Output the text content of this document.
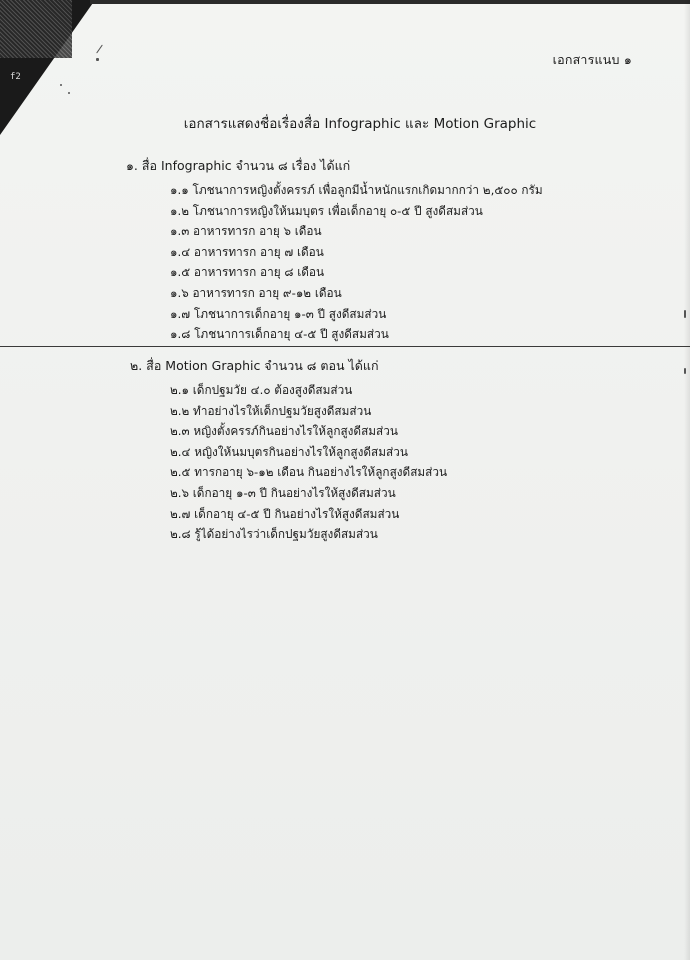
f2
เอกสารแนบ ๑
เอกสารแสดงชื่อเรื่องสื่อ Infographic และ Motion Graphic
๑. สื่อ Infographic จำนวน ๘ เรื่อง ได้แก่
๑.๑ โภชนาการหญิงตั้งครรภ์ เพื่อลูกมีน้ำหนักแรกเกิดมากกว่า ๒,๕๐๐ กรัม
๑.๒ โภชนาการหญิงให้นมบุตร เพื่อเด็กอายุ ๐-๕ ปี สูงดีสมส่วน
๑.๓ อาหารทารก อายุ ๖ เดือน
๑.๔ อาหารทารก อายุ ๗ เดือน
๑.๕ อาหารทารก อายุ ๘ เดือน
๑.๖ อาหารทารก อายุ ๙-๑๒ เดือน
๑.๗ โภชนาการเด็กอายุ ๑-๓ ปี สูงดีสมส่วน
๑.๘ โภชนาการเด็กอายุ ๔-๕ ปี สูงดีสมส่วน
๒. สื่อ Motion Graphic จำนวน ๘ ตอน ได้แก่
๒.๑ เด็กปฐมวัย ๔.๐ ต้องสูงดีสมส่วน
๒.๒ ทำอย่างไรให้เด็กปฐมวัยสูงดีสมส่วน
๒.๓ หญิงตั้งครรภ์กินอย่างไรให้ลูกสูงดีสมส่วน
๒.๔ หญิงให้นมบุตรกินอย่างไรให้ลูกสูงดีสมส่วน
๒.๕ ทารกอายุ ๖-๑๒ เดือน กินอย่างไรให้ลูกสูงดีสมส่วน
๒.๖ เด็กอายุ ๑-๓ ปี กินอย่างไรให้สูงดีสมส่วน
๒.๗ เด็กอายุ ๔-๕ ปี กินอย่างไรให้สูงดีสมส่วน
๒.๘ รู้ได้อย่างไรว่าเด็กปฐมวัยสูงดีสมส่วน
